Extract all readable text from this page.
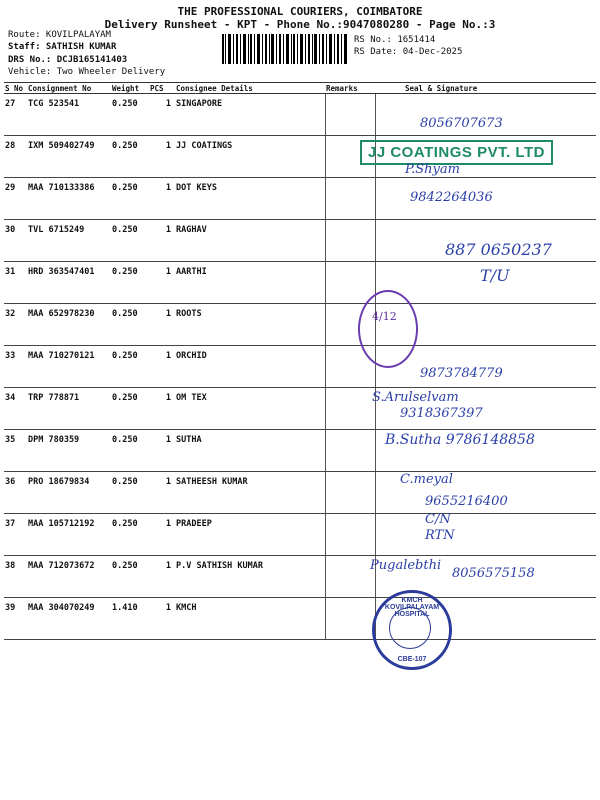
THE PROFESSIONAL COURIERS, COIMBATORE
Delivery Runsheet - KPT - Phone No.:9047080280 - Page No.:3
Route: KOVILPALAYAM
Staff: SATHISH KUMAR
DRS No.: DCJB165141403
Vehicle: Two Wheeler Delivery
RS No.: 1651414
RS Date: 04-Dec-2025
S No	Consignment No	Weight	PCS	Consignee Details	Remarks	Seal & Signature
27	TCG 523541	0.250	1	SINGAPORE		
28	IXM 509402749	0.250	1	JJ COATINGS		
29	MAA 710133386	0.250	1	DOT KEYS		
30	TVL 6715249	0.250	1	RAGHAV		
31	HRD 363547401	0.250	1	AARTHI		
32	MAA 652978230	0.250	1	ROOTS		
33	MAA 710270121	0.250	1	ORCHID		
34	TRP 778871	0.250	1	OM TEX		
35	DPM 780359	0.250	1	SUTHA		
36	PRO 18679834	0.250	1	SATHEESH KUMAR		
37	MAA 105712192	0.250	1	PRADEEP		
38	MAA 712073672	0.250	1	P.V SATHISH KUMAR		
39	MAA 304070249	1.410	1	KMCH		
8056707673
JJ COATINGS PVT. LTD
P.Shyam
9842264036
887 0650237
T/U
4/12
9873784779
S.Arulselvam
9318367397
B.Sutha 9786148858
C.meyal
9655216400
C/N
RTN
Pugalebthi
8056575158
KMCH KOVILPALAYAM HOSPITAL
CBE-107
